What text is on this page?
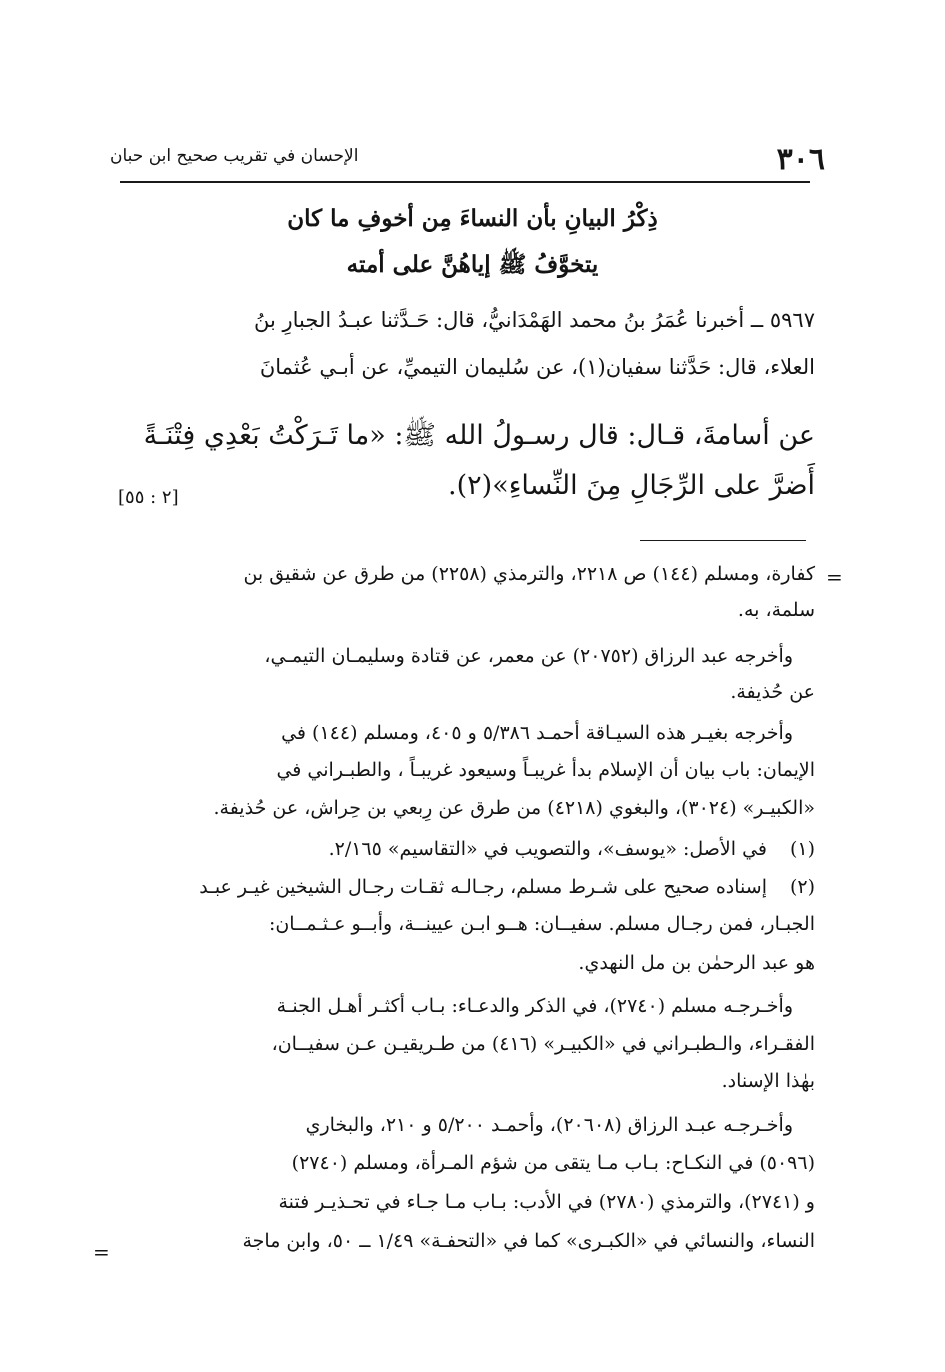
٣٠٦
الإحسان في تقريب صحيح ابن حبان
ذِكْرُ البيانِ بأن النساءَ مِن أخوفِ ما كان
يتخوَّفُ ﷺ إياهُنَّ على أمته
٥٩٦٧ ــ أخبرنا عُمَرُ بنُ محمد الهَمْدَانيُّ، قال: حَـدَّثنا عبـدُ الجبارِ بنُ
العلاء، قال: حَدَّثنا سفيان(١)، عن سُليمان التيميِّ، عن أبـي عُثمانَ
عن أسامةَ، قـال: قال رسـولُ الله ﷺ: «ما تَـرَكْتُ بَعْدِي فِتْنَـةً
أَضرَّ على الرِّجَالِ مِنَ النِّساءِ»(٢).
[٢ : ٥٥]
=
=
كفارة، ومسلم (١٤٤) ص ٢٢١٨، والترمذي (٢٢٥٨) من طرق عن شقيق بن
سلمة، به.
وأخرجه عبد الرزاق (٢٠٧٥٢) عن معمر، عن قتادة وسليمـان التيمـي،
عن حُذيفة.
وأخرجه بغيـر هذه السيـاقة أحمـد ٥/٣٨٦ و ٤٠٥، ومسلم (١٤٤) في
الإيمان: باب بيان أن الإسلام بدأ غريبـاً وسيعود غريبـاً ، والطبـراني في
«الكبيـر» (٣٠٢٤)، والبغوي (٤٢١٨) من طرق عن رِبعي بن حِراش، عن حُذيفة.
(١)
في الأصل: «يوسف»، والتصويب في «التقاسيم» ٢/١٦٥.
(٢)
إسناده صحيح على شـرط مسلم، رجـالـه ثقـات رجـال الشيخين غيـر عبـد
الجبـار، فمن رجـال مسلم. سفيــان: هــو ابـن عيينــة، وأبــو عـثـمــان:
هو عبد الرحمٰن بن مل النهدي.
وأخـرجـه مسلم (٢٧٤٠)، في الذكر والدعـاء: بـاب أكثـر أهـل الجنـة
الفقـراء، والـطبـراني في «الكبيـر» (٤١٦) من طـريقيـن عـن سفيــان،
بهٰذا الإسناد.
وأخـرجـه عبـد الرزاق (٢٠٦٠٨)، وأحمـد ٥/٢٠٠ و ٢١٠، والبخاري
(٥٠٩٦) في النكـاح: بـاب مـا يتقى من شؤم المـرأة، ومسلم (٢٧٤٠)
و (٢٧٤١)، والترمذي (٢٧٨٠) في الأدب: بـاب مـا جـاء في تحـذيـر فتنة
النساء، والنسائي في «الكبـرى» كما في «التحفـة» ١/٤٩ ــ ٥٠، وابن ماجة
